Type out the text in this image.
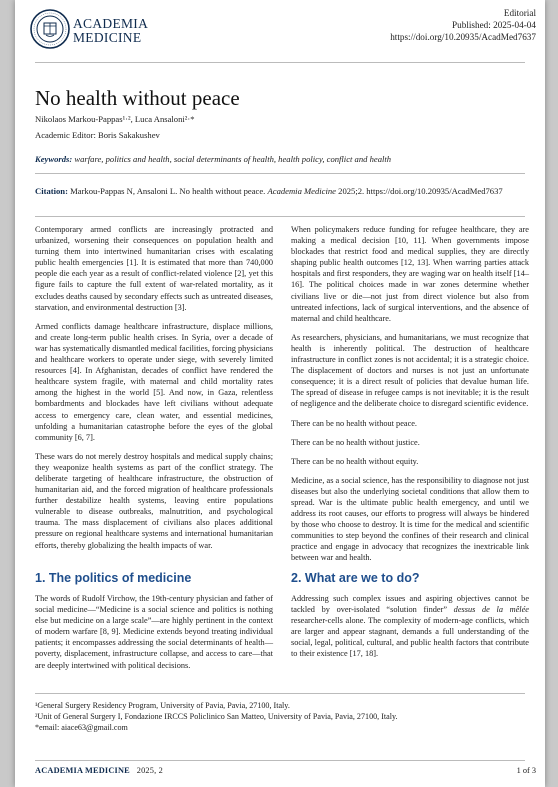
ACADEMIA
MEDICINE
Editorial
Published: 2025-04-04
https://doi.org/10.20935/AcadMed7637
No health without peace
Nikolaos Markou-Pappas¹·², Luca Ansaloni²·*
Academic Editor: Boris Sakakushev
Keywords: warfare, politics and health, social determinants of health, health policy, conflict and health
Citation: Markou-Pappas N, Ansaloni L. No health without peace. Academia Medicine 2025;2. https://doi.org/10.20935/AcadMed7637

Contemporary armed conflicts are increasingly protracted and urbanized, worsening their consequences on population health and turning them into intertwined humanitarian crises with escalating public health emergencies [1]. It is estimated that more than 740,000 people die each year as a result of conflict-related violence [2], yet this figure fails to capture the full extent of war-related mortality, as it excludes deaths caused by secondary effects such as untreated diseases, starvation, and environmental destruction [3].

Armed conflicts damage healthcare infrastructure, displace millions, and create long-term public health crises. In Syria, over a decade of war has systematically dismantled medical facilities, forcing physicians and healthcare workers to operate under siege, with severely limited resources [4]. In Afghanistan, decades of conflict have rendered the healthcare system fragile, with maternal and child mortality rates among the highest in the world [5]. And now, in Gaza, relentless bombardments and blockades have left civilians without adequate access to emergency care, clean water, and essential medicines, unfolding a humanitarian catastrophe before the eyes of the global community [6, 7].

These wars do not merely destroy hospitals and medical supply chains; they weaponize health systems as part of the conflict strategy. The deliberate targeting of healthcare infrastructure, the obstruction of humanitarian aid, and the forced migration of healthcare professionals further destabilize health systems, leaving entire populations vulnerable to disease outbreaks, malnutrition, and psychological trauma. The mass displacement of civilians also places additional pressure on regional healthcare systems and international humanitarian efforts, thereby globalizing the health impacts of war.

1. The politics of medicine

The words of Rudolf Virchow, the 19th-century physician and father of social medicine—“Medicine is a social science and politics is nothing else but medicine on a large scale”—are highly pertinent in the context of modern warfare [8, 9]. Medicine extends beyond treating individual patients; it encompasses addressing the social determinants of health—poverty, displacement, infrastructure collapse, and access to care—that are deeply intertwined with political decisions.

When policymakers reduce funding for refugee healthcare, they are making a medical decision [10, 11]. When governments impose blockades that restrict food and medical supplies, they are directly shaping public health outcomes [12, 13]. When warring parties attack hospitals and first responders, they are waging war on health itself [14–16]. The political choices made in war zones determine whether civilians live or die—not just from direct violence but also from untreated infections, lack of surgical interventions, and the absence of maternal and child healthcare.

As researchers, physicians, and humanitarians, we must recognize that health is inherently political. The destruction of healthcare infrastructure in conflict zones is not accidental; it is a strategic choice. The displacement of doctors and nurses is not just an unfortunate consequence; it is a direct result of policies that devalue human life. The spread of disease in refugee camps is not inevitable; it is the result of negligence and the deliberate choice to disregard scientific evidence.

There can be no health without peace.

There can be no health without justice.

There can be no health without equity.

Medicine, as a social science, has the responsibility to diagnose not just diseases but also the underlying societal conditions that allow them to spread. War is the ultimate public health emergency, and until we address its root causes, our efforts to progress will always be hindered by those who choose to destroy. It is time for the medical and scientific communities to step beyond the confines of their research and clinical practice and engage in advocacy that recognizes the inextricable link between war and health.

2. What are we to do?

Addressing such complex issues and aspiring objectives cannot be tackled by over-isolated “solution finder” dessus de la mêlée researcher-cells alone. The complexity of modern-age conflicts, which are larger and appear stagnant, demands a full understanding of the social, legal, political, cultural, and public health factors that contribute to their existence [17, 18].

¹General Surgery Residency Program, University of Pavia, Pavia, 27100, Italy.
²Unit of General Surgery I, Fondazione IRCCS Policlinico San Matteo, University of Pavia, Pavia, 27100, Italy.
*email: aiace63@gmail.com
ACADEMIA MEDICINE 2025, 2	1 of 3
